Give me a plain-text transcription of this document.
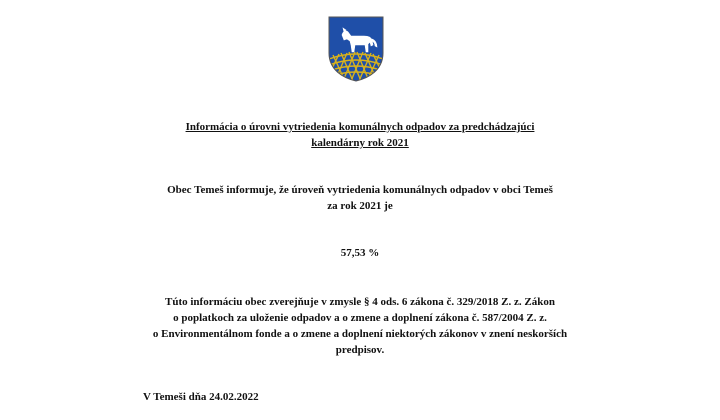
Informácia o úrovni vytriedenia komunálnych odpadov za predchádzajúci
kalendárny rok 2021
Obec Temeš informuje, že úroveň vytriedenia komunálnych odpadov v obci Temeš
za rok 2021 je
57,53 %
Túto informáciu obec zverejňuje v zmysle § 4 ods. 6 zákona č. 329/2018 Z. z. Zákon
o poplatkoch za uloženie odpadov a o zmene a doplnení zákona č. 587/2004 Z. z.
o Environmentálnom fonde a o zmene a doplnení niektorých zákonov v znení neskorších
predpisov.
V Temeši dňa 24.02.2022
